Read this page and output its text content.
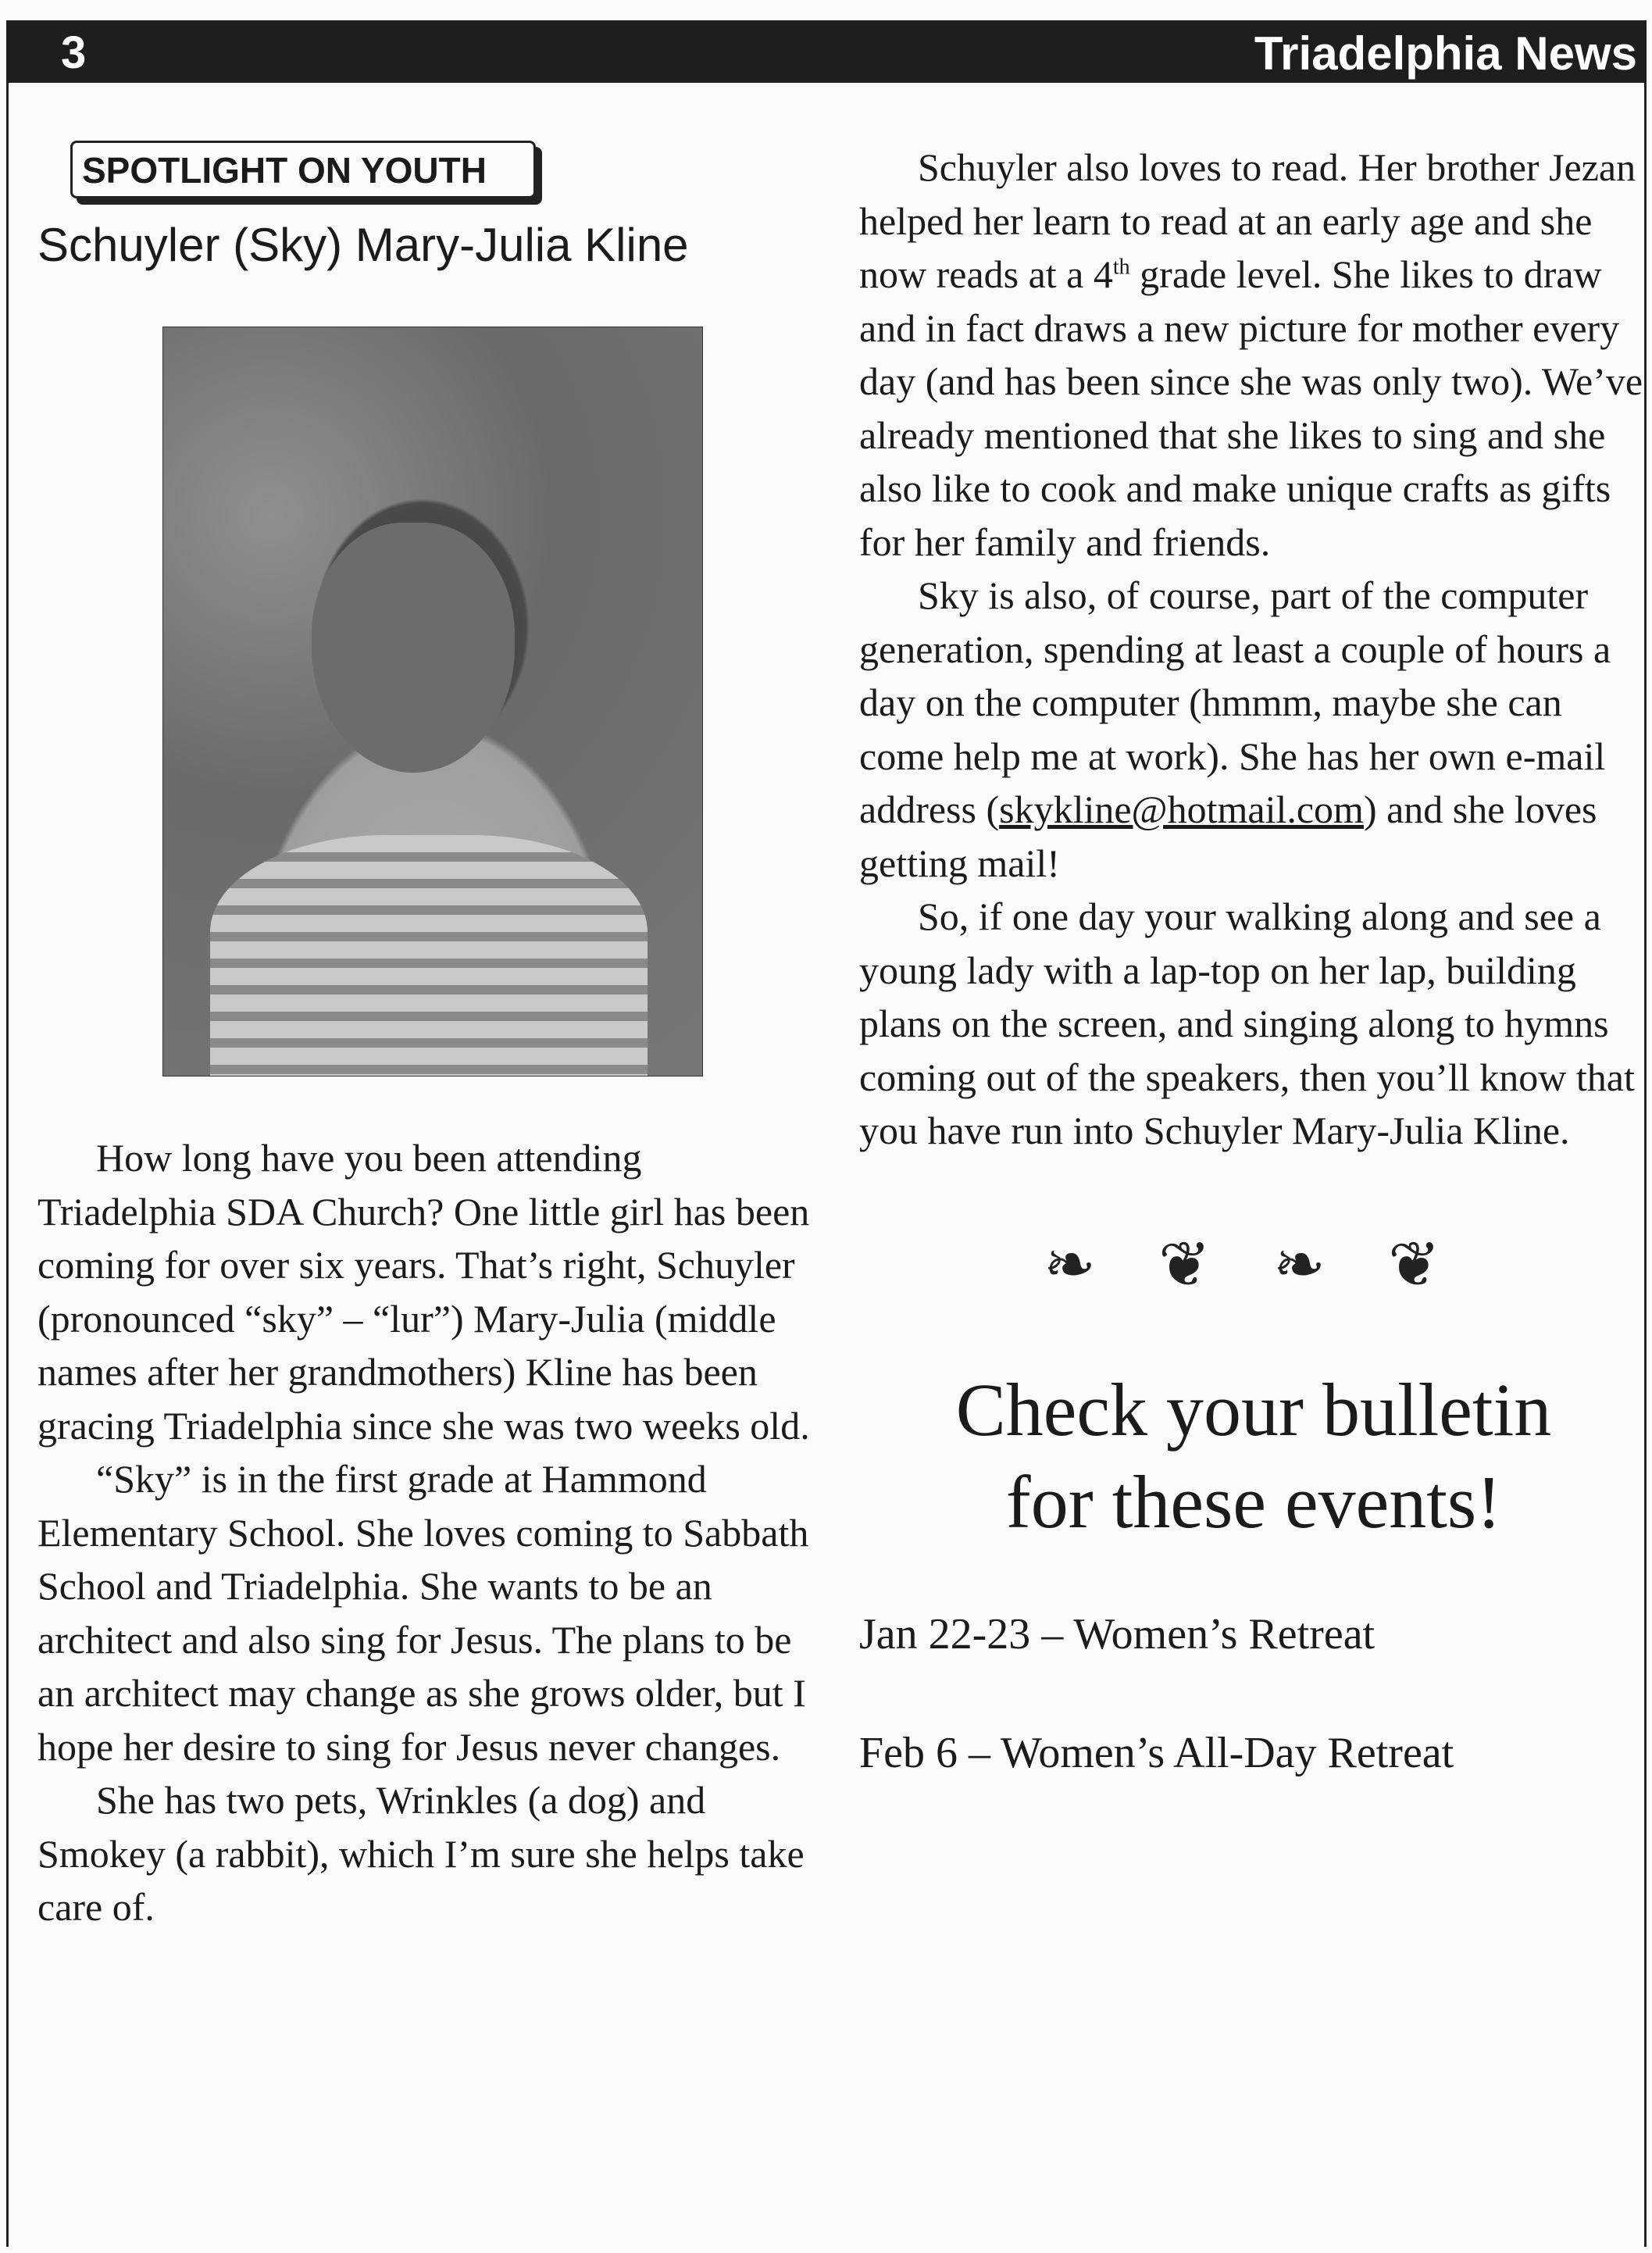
3	Triadelphia News
SPOTLIGHT ON YOUTH
Schuyler (Sky) Mary-Julia Kline

How long have you been attending Triadelphia SDA Church? One little girl has been coming for over six years. That’s right, Schuyler (pronounced “sky” – “lur”) Mary-Julia (middle names after her grandmothers) Kline has been gracing Triadelphia since she was two weeks old.

“Sky” is in the first grade at Hammond Elementary School. She loves coming to Sabbath School and Triadelphia. She wants to be an architect and also sing for Jesus. The plans to be an architect may change as she grows older, but I hope her desire to sing for Jesus never changes.

She has two pets, Wrinkles (a dog) and Smokey (a rabbit), which I’m sure she helps take care of.

Schuyler also loves to read. Her brother Jezan helped her learn to read at an early age and she now reads at a 4th grade level. She likes to draw and in fact draws a new picture for mother every day (and has been since she was only two). We’ve already mentioned that she likes to sing and she also like to cook and make unique crafts as gifts for her family and friends.

Sky is also, of course, part of the computer generation, spending at least a couple of hours a day on the computer (hmmm, maybe she can come help me at work). She has her own e-mail address (skykline@hotmail.com) and she loves getting mail!

So, if one day your walking along and see a young lady with a lap-top on her lap, building plans on the screen, and singing along to hymns coming out of the speakers, then you’ll know that you have run into Schuyler Mary-Julia Kline.

❧ ❦ ❧ ❦
Check your bulletin
for these events!
Jan 22-23 – Women’s Retreat
Feb 6 – Women’s All-Day Retreat
